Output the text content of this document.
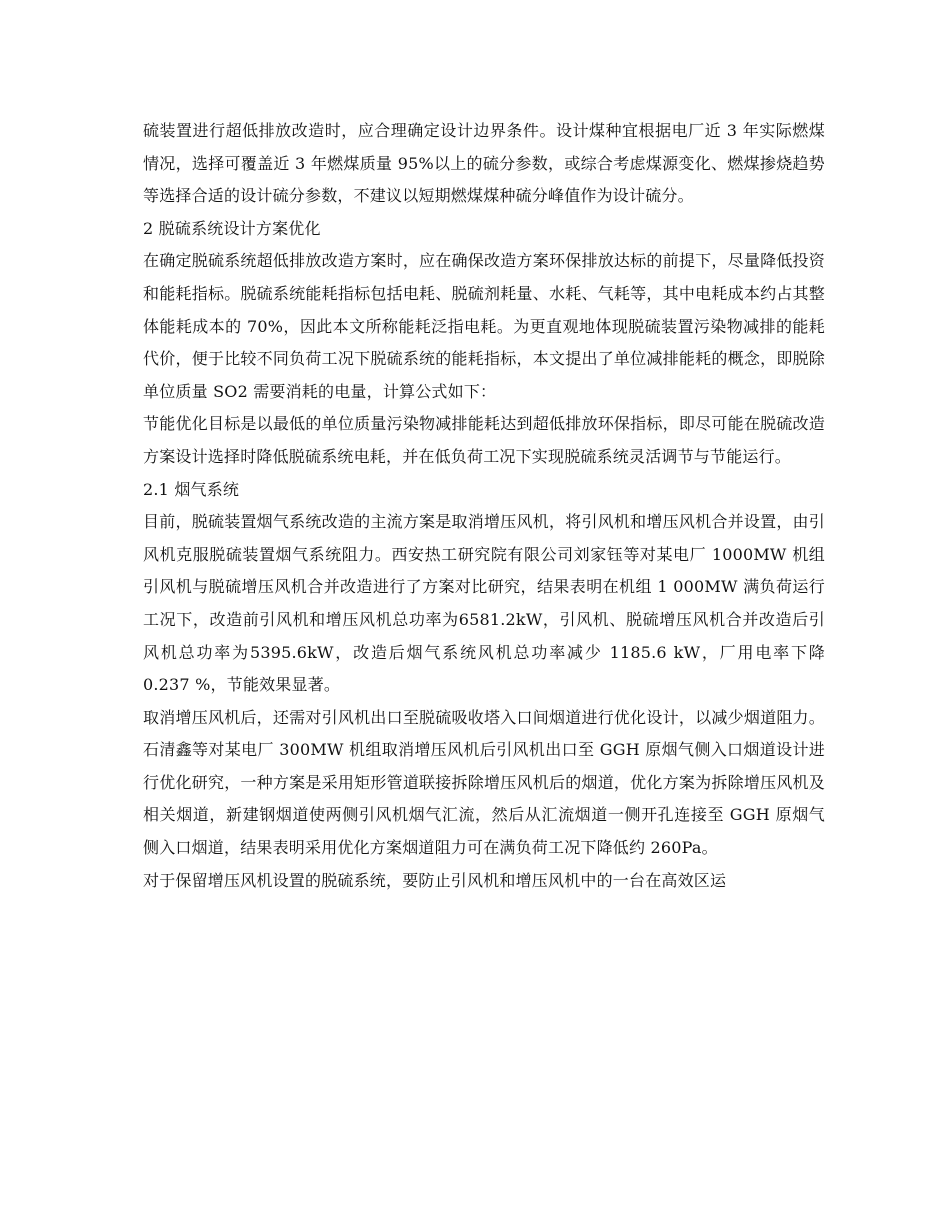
硫装置进行超低排放改造时，应合理确定设计边界条件。设计煤种宜根据电厂近 3 年实际燃煤情况，选择可覆盖近 3 年燃煤质量 95%以上的硫分参数，或综合考虑煤源变化、燃煤掺烧趋势等选择合适的设计硫分参数，不建议以短期燃煤煤种硫分峰值作为设计硫分。

2 脱硫系统设计方案优化

在确定脱硫系统超低排放改造方案时，应在确保改造方案环保排放达标的前提下，尽量降低投资和能耗指标。脱硫系统能耗指标包括电耗、脱硫剂耗量、水耗、气耗等，其中电耗成本约占其整体能耗成本的 70%，因此本文所称能耗泛指电耗。为更直观地体现脱硫装置污染物减排的能耗代价，便于比较不同负荷工况下脱硫系统的能耗指标，本文提出了单位减排能耗的概念，即脱除单位质量 SO2 需要消耗的电量，计算公式如下：

节能优化目标是以最低的单位质量污染物减排能耗达到超低排放环保指标，即尽可能在脱硫改造方案设计选择时降低脱硫系统电耗，并在低负荷工况下实现脱硫系统灵活调节与节能运行。

2.1 烟气系统

目前，脱硫装置烟气系统改造的主流方案是取消增压风机，将引风机和增压风机合并设置，由引风机克服脱硫装置烟气系统阻力。西安热工研究院有限公司刘家钰等对某电厂 1000MW 机组引风机与脱硫增压风机合并改造进行了方案对比研究，结果表明在机组 1 000MW 满负荷运行工况下，改造前引风机和增压风机总功率为6581.2kW，引风机、脱硫增压风机合并改造后引风机总功率为5395.6kW，改造后烟气系统风机总功率减少 1185.6 kW，厂用电率下降 0.237 %，节能效果显著。

取消增压风机后，还需对引风机出口至脱硫吸收塔入口间烟道进行优化设计，以减少烟道阻力。石清鑫等对某电厂 300MW 机组取消增压风机后引风机出口至 GGH 原烟气侧入口烟道设计进行优化研究，一种方案是采用矩形管道联接拆除增压风机后的烟道，优化方案为拆除增压风机及相关烟道，新建钢烟道使两侧引风机烟气汇流，然后从汇流烟道一侧开孔连接至 GGH 原烟气侧入口烟道，结果表明采用优化方案烟道阻力可在满负荷工况下降低约 260Pa。

对于保留增压风机设置的脱硫系统，要防止引风机和增压风机中的一台在高效区运
